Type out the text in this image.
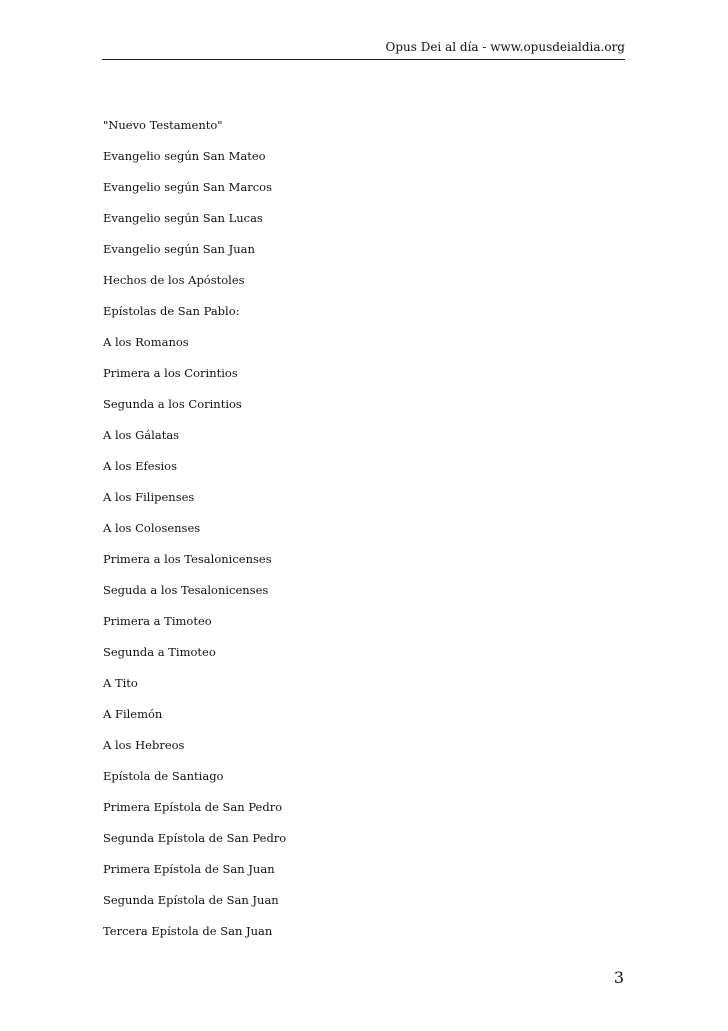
Opus Dei al día - www.opusdeialdia.org
"Nuevo Testamento"
Evangelio según San Mateo
Evangelio según San Marcos
Evangelio según San Lucas
Evangelio según San Juan
Hechos de los Apóstoles
Epístolas de San Pablo:
A los Romanos
Primera a los Corintios
Segunda a los Corintios
A los Gálatas
A los Efesios
A los Filipenses
A los Colosenses
Primera a los Tesalonicenses
Seguda a los Tesalonicenses
Primera a Timoteo
Segunda a Timoteo
A Tito
A Filemón
A los Hebreos
Epístola de Santiago
Primera Epístola de San Pedro
Segunda Epístola de San Pedro
Primera Epístola de San Juan
Segunda Epístola de San Juan
Tercera Epístola de San Juan
3
